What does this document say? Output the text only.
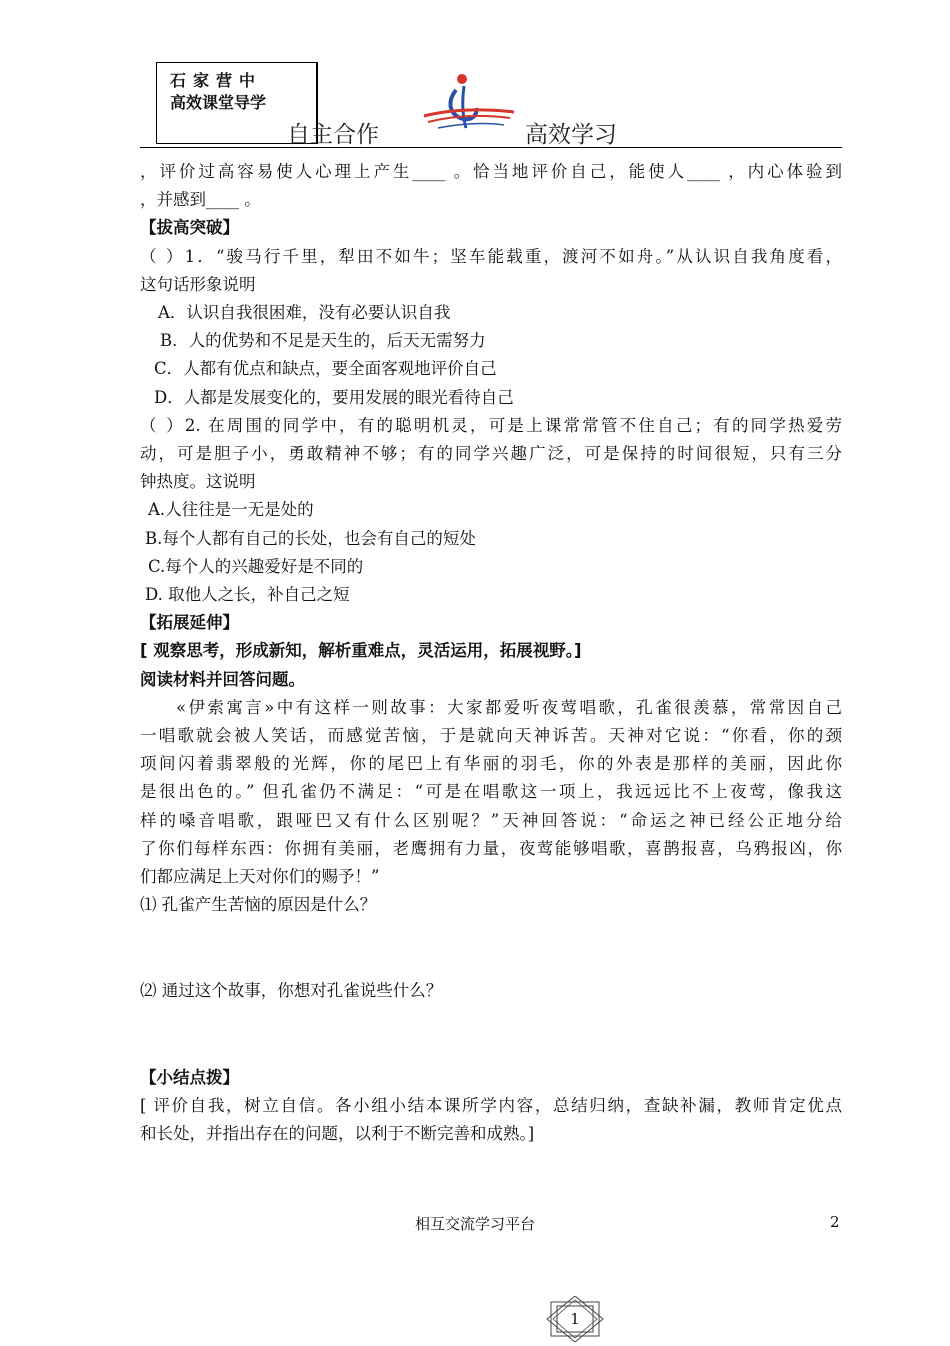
石家营中
高效课堂导学
自主合作	高效学习
，评价过高容易使人心理上产生____ 。恰当地评价自己，能使人____ ，内心体验到
，并感到____ 。
【拔高突破】
（ ）1．“骏马行千里，犁田不如牛；坚车能载重，渡河不如舟。”从认识自我角度看，
这句话形象说明
A．认识自我很困难，没有必要认识自我
B．人的优势和不足是天生的，后天无需努力
C．人都有优点和缺点，要全面客观地评价自己
D．人都是发展变化的，要用发展的眼光看待自己
（ ）2. 在周围的同学中，有的聪明机灵，可是上课常常管不住自己；有的同学热爱劳
动，可是胆子小，勇敢精神不够；有的同学兴趣广泛，可是保持的时间很短，只有三分
钟热度。这说明
A.人往往是一无是处的
B.每个人都有自己的长处，也会有自己的短处
C.每个人的兴趣爱好是不同的
D. 取他人之长，补自己之短
【拓展延伸】
[ 观察思考，形成新知，解析重难点，灵活运用，拓展视野。]
阅读材料并回答问题。
«伊索寓言»中有这样一则故事：大家都爱听夜莺唱歌，孔雀很羡慕，常常因自己
一唱歌就会被人笑话，而感觉苦恼，于是就向天神诉苦。天神对它说：“你看，你的颈
项间闪着翡翠般的光辉，你的尾巴上有华丽的羽毛，你的外表是那样的美丽，因此你
是很出色的。” 但孔雀仍不满足：“可是在唱歌这一项上，我远远比不上夜莺，像我这
样的嗓音唱歌，跟哑巴又有什么区别呢？”天神回答说：“命运之神已经公正地分给
了你们每样东西：你拥有美丽，老鹰拥有力量，夜莺能够唱歌，喜鹊报喜，乌鸦报凶，你
们都应满足上天对你们的赐予！”
⑴ 孔雀产生苦恼的原因是什么？
⑵ 通过这个故事，你想对孔雀说些什么？
【小结点拨】
[ 评价自我，树立自信。各小组小结本课所学内容，总结归纳，查缺补漏，教师肯定优点
和长处，并指出存在的问题，以利于不断完善和成熟。]
相互交流学习平台	2
1
